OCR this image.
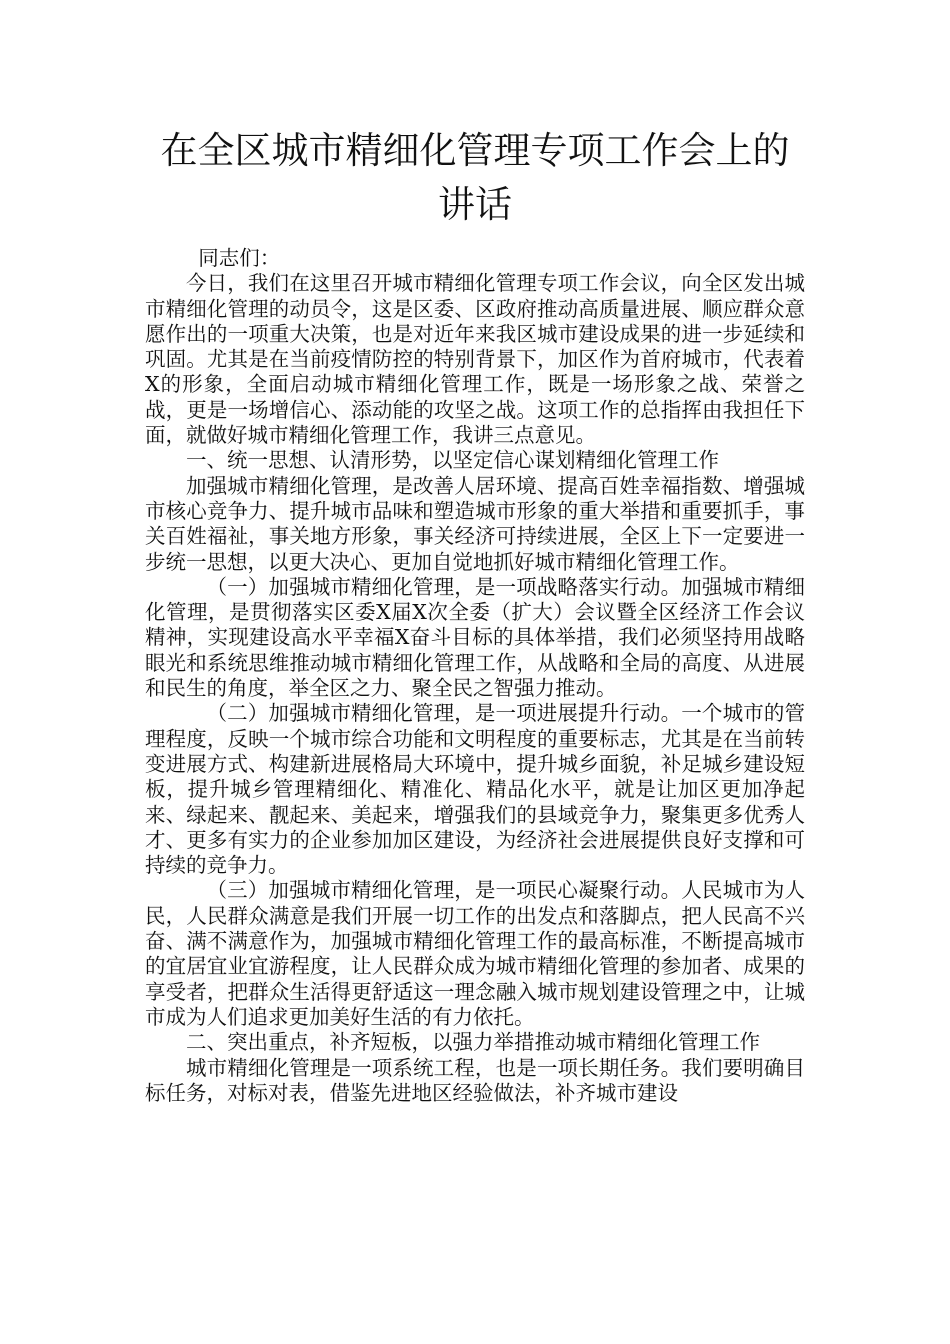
在全区城市精细化管理专项工作会上的讲话

同志们：

今日，我们在这里召开城市精细化管理专项工作会议，向全区发出城市精细化管理的动员令，这是区委、区政府推动高质量进展、顺应群众意愿作出的一项重大决策，也是对近年来我区城市建设成果的进一步延续和巩固。尤其是在当前疫情防控的特别背景下，加区作为首府城市，代表着X的形象，全面启动城市精细化管理工作，既是一场形象之战、荣誉之战，更是一场增信心、添动能的攻坚之战。这项工作的总指挥由我担任下面，就做好城市精细化管理工作，我讲三点意见。

一、统一思想、认清形势，以坚定信心谋划精细化管理工作

加强城市精细化管理，是改善人居环境、提高百姓幸福指数、增强城市核心竞争力、提升城市品味和塑造城市形象的重大举措和重要抓手，事关百姓福祉，事关地方形象，事关经济可持续进展，全区上下一定要进一步统一思想，以更大决心、更加自觉地抓好城市精细化管理工作。

（一）加强城市精细化管理，是一项战略落实行动。加强城市精细化管理，是贯彻落实区委X届X次全委（扩大）会议暨全区经济工作会议精神，实现建设高水平幸福X奋斗目标的具体举措，我们必须坚持用战略眼光和系统思维推动城市精细化管理工作，从战略和全局的高度、从进展和民生的角度，举全区之力、聚全民之智强力推动。

（二）加强城市精细化管理，是一项进展提升行动。一个城市的管理程度，反映一个城市综合功能和文明程度的重要标志，尤其是在当前转变进展方式、构建新进展格局大环境中，提升城乡面貌，补足城乡建设短板，提升城乡管理精细化、精准化、精品化水平，就是让加区更加净起来、绿起来、靓起来、美起来，增强我们的县域竞争力，聚集更多优秀人才、更多有实力的企业参加加区建设，为经济社会进展提供良好支撑和可持续的竞争力。

（三）加强城市精细化管理，是一项民心凝聚行动。人民城市为人民，人民群众满意是我们开展一切工作的出发点和落脚点，把人民高不兴奋、满不满意作为，加强城市精细化管理工作的最高标准，不断提高城市的宜居宜业宜游程度，让人民群众成为城市精细化管理的参加者、成果的享受者，把群众生活得更舒适这一理念融入城市规划建设管理之中，让城市成为人们追求更加美好生活的有力依托。

二、突出重点，补齐短板，以强力举措推动城市精细化管理工作

城市精细化管理是一项系统工程，也是一项长期任务。我们要明确目标任务，对标对表，借鉴先进地区经验做法，补齐城市建设
